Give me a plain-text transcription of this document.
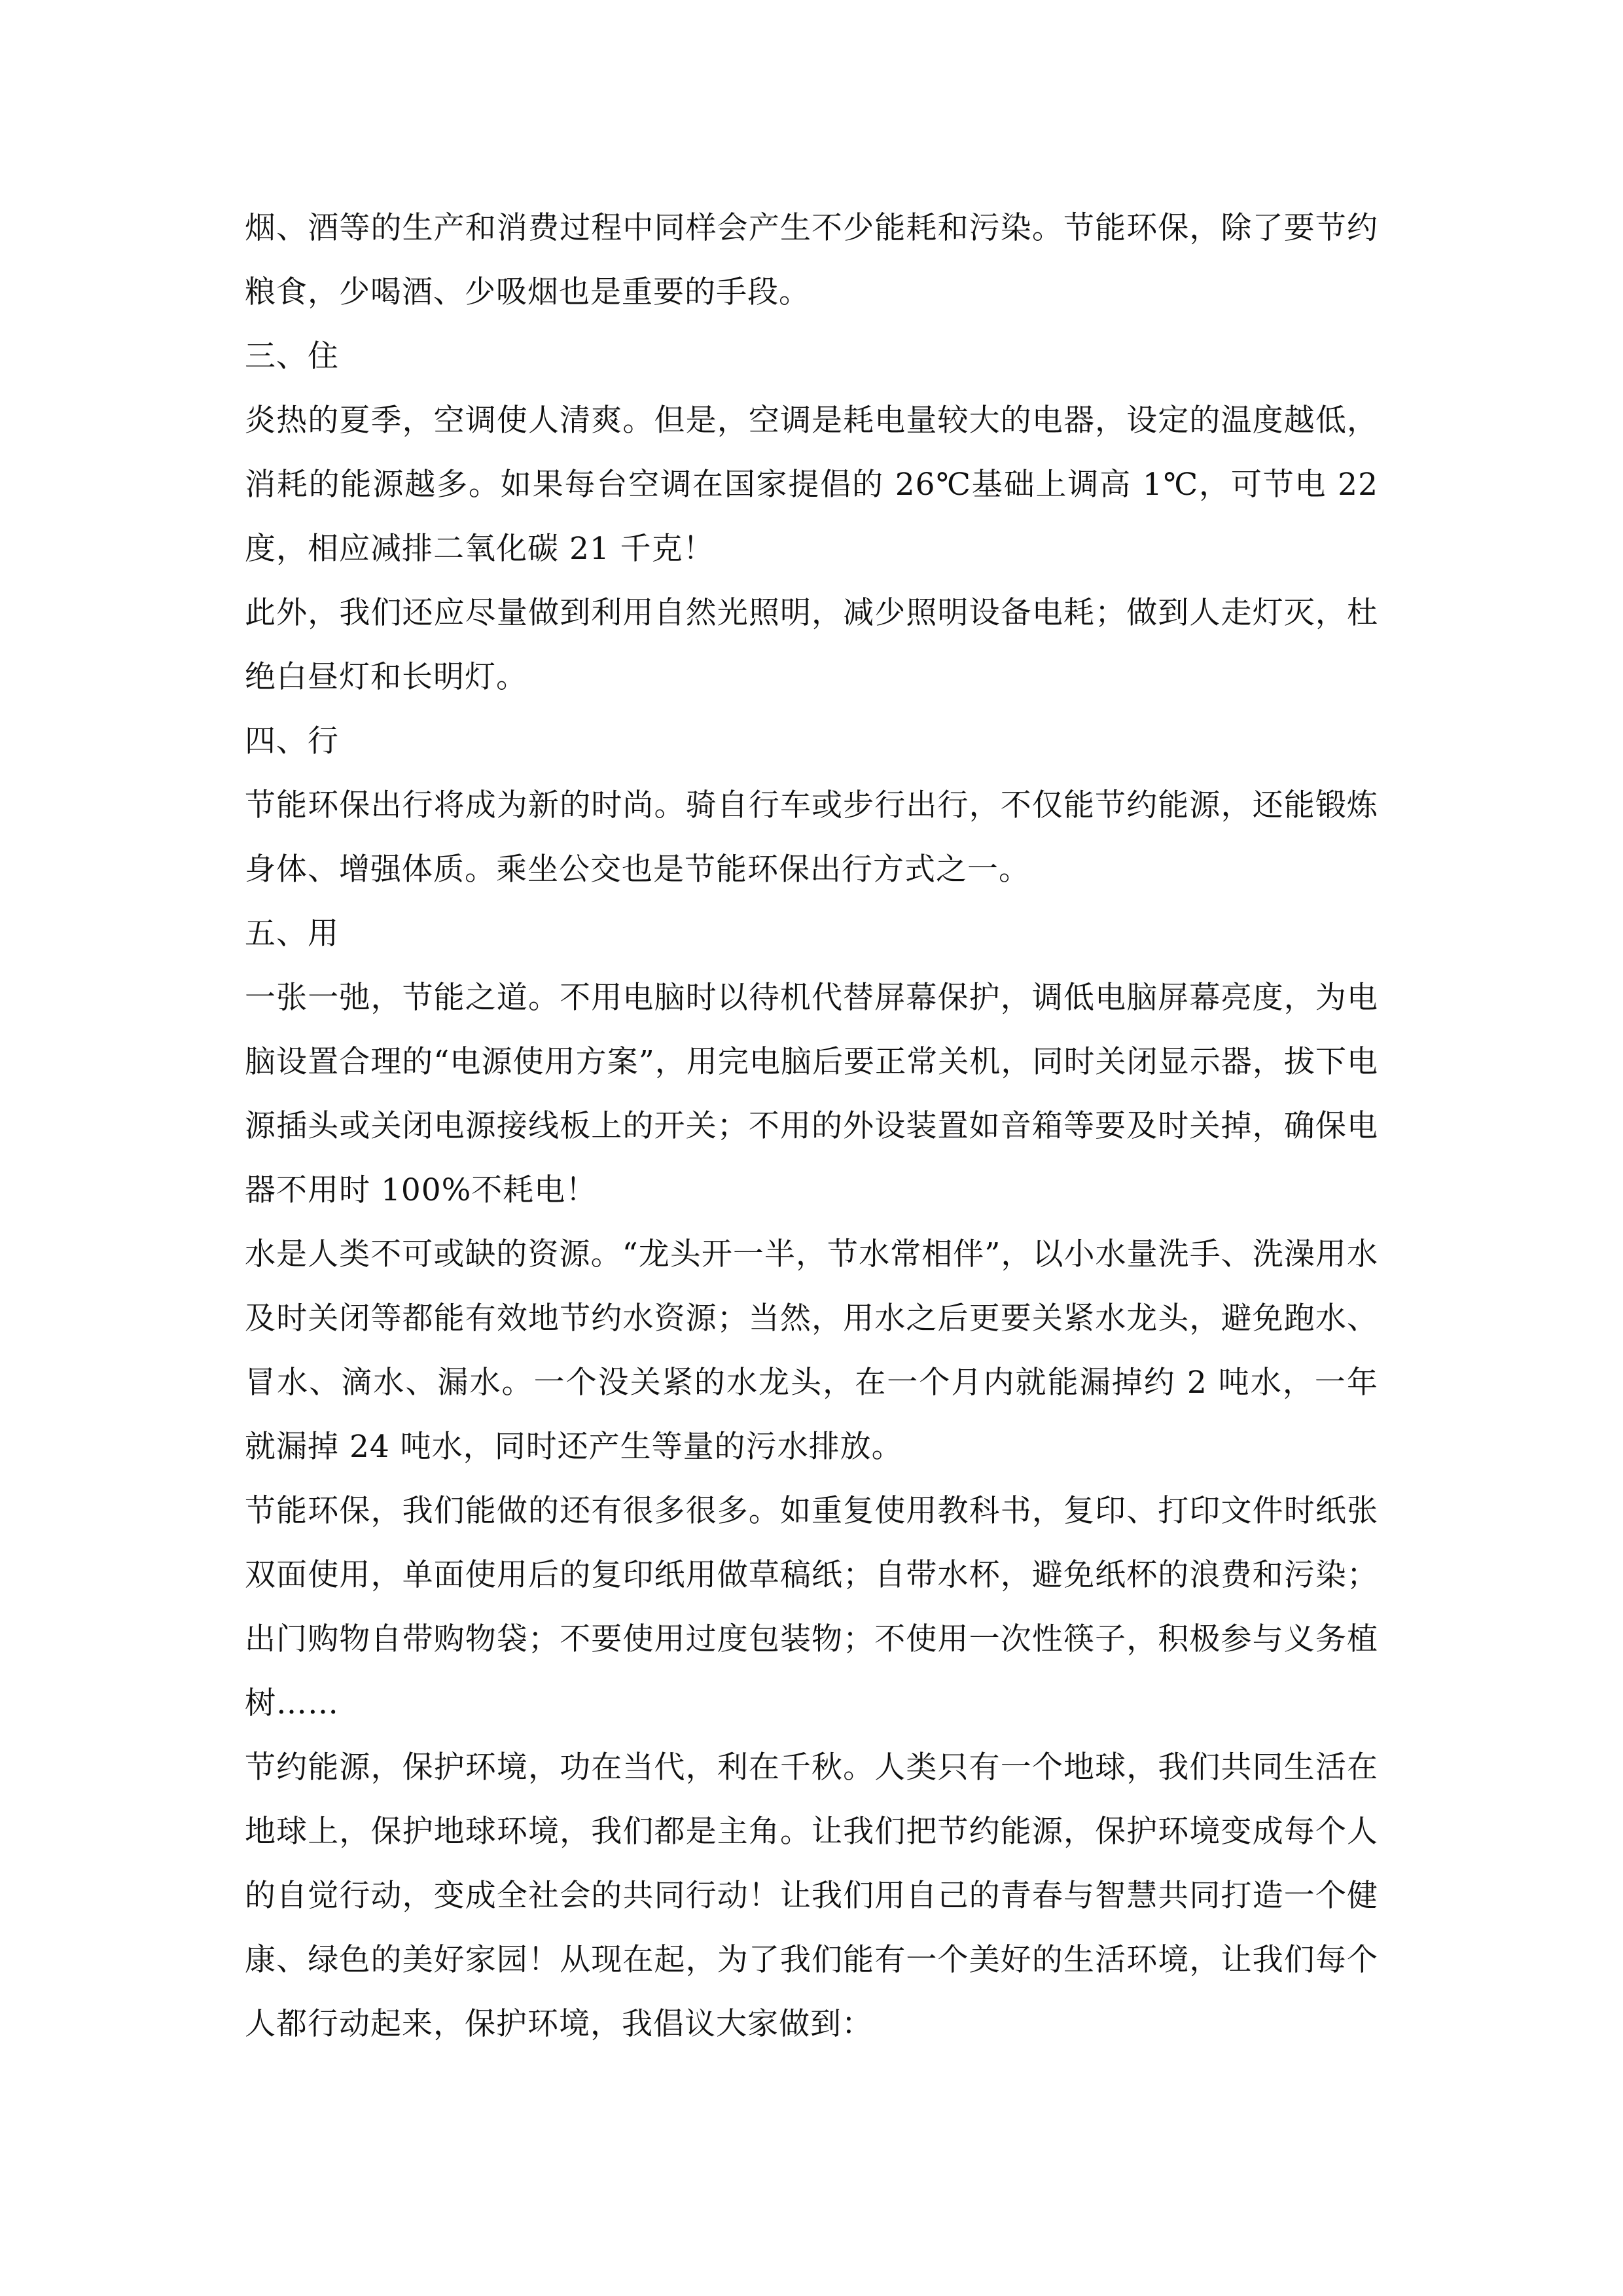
烟、酒等的生产和消费过程中同样会产生不少能耗和污染。节能环保，除了要节约粮食，少喝酒、少吸烟也是重要的手段。

三、住

炎热的夏季，空调使人清爽。但是，空调是耗电量较大的电器，设定的温度越低，消耗的能源越多。如果每台空调在国家提倡的 26℃基础上调高 1℃，可节电 22度，相应减排二氧化碳 21 千克！

此外，我们还应尽量做到利用自然光照明，减少照明设备电耗；做到人走灯灭，杜绝白昼灯和长明灯。

四、行

节能环保出行将成为新的时尚。骑自行车或步行出行，不仅能节约能源，还能锻炼身体、增强体质。乘坐公交也是节能环保出行方式之一。

五、用

一张一弛，节能之道。不用电脑时以待机代替屏幕保护，调低电脑屏幕亮度，为电脑设置合理的“电源使用方案”，用完电脑后要正常关机，同时关闭显示器，拔下电源插头或关闭电源接线板上的开关；不用的外设装置如音箱等要及时关掉，确保电器不用时 100%不耗电！

水是人类不可或缺的资源。“龙头开一半，节水常相伴”，以小水量洗手、洗澡用水及时关闭等都能有效地节约水资源；当然，用水之后更要关紧水龙头，避免跑水、冒水、滴水、漏水。一个没关紧的水龙头，在一个月内就能漏掉约 2 吨水，一年就漏掉 24 吨水，同时还产生等量的污水排放。

节能环保，我们能做的还有很多很多。如重复使用教科书，复印、打印文件时纸张双面使用，单面使用后的复印纸用做草稿纸；自带水杯，避免纸杯的浪费和污染；出门购物自带购物袋；不要使用过度包装物；不使用一次性筷子，积极参与义务植树……

节约能源，保护环境，功在当代，利在千秋。人类只有一个地球，我们共同生活在地球上，保护地球环境，我们都是主角。让我们把节约能源，保护环境变成每个人的自觉行动，变成全社会的共同行动！让我们用自己的青春与智慧共同打造一个健康、绿色的美好家园！从现在起，为了我们能有一个美好的生活环境，让我们每个人都行动起来，保护环境，我倡议大家做到：
